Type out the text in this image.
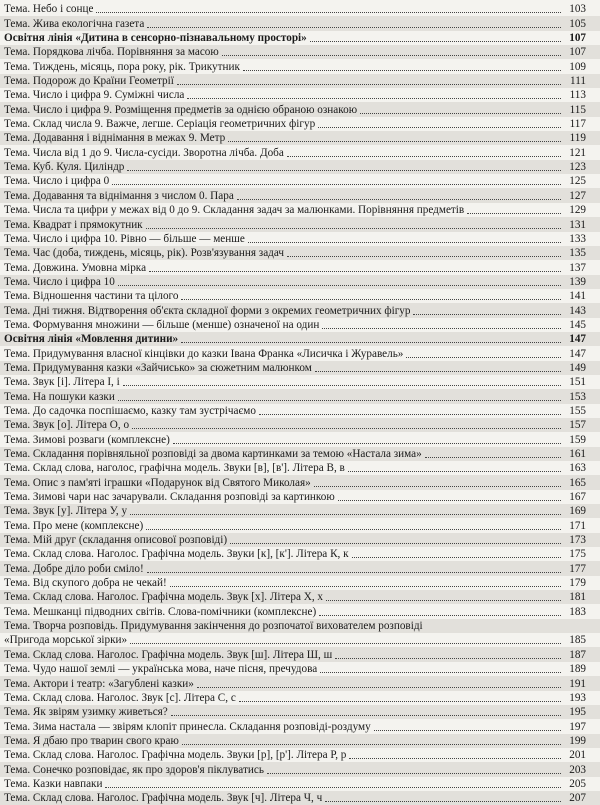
Тема. Небо і сонце	103
Тема. Жива екологічна газета	105
Освітня лінія «Дитина в сенсорно-пізнавальному просторі»	107
Тема. Порядкова лічба. Порівняння за масою	107
Тема. Тиждень, місяць, пора року, рік. Трикутник	109
Тема. Подорож до Країни Геометрії	111
Тема. Число і цифра 9. Суміжні числа	113
Тема. Число і цифра 9. Розміщення предметів за однією обраною ознакою	115
Тема. Склад числа 9. Важче, легше. Серіація геометричних фігур	117
Тема. Додавання і віднімання в межах 9. Метр	119
Тема. Числа від 1 до 9. Числа-сусіди. Зворотна лічба. Доба	121
Тема. Куб. Куля. Циліндр	123
Тема. Число і цифра 0	125
Тема. Додавання та віднімання з числом 0. Пара	127
Тема. Числа та цифри у межах від 0 до 9. Складання задач за малюнками. Порівняння предметів	129
Тема. Квадрат і прямокутник	131
Тема. Число і цифра 10. Рівно — більше — менше	133
Тема. Час (доба, тиждень, місяць, рік). Розв'язування задач	135
Тема. Довжина. Умовна мірка	137
Тема. Число і цифра 10	139
Тема. Відношення частини та цілого	141
Тема. Дні тижня. Відтворення об'єкта складної форми з окремих геометричних фігур	143
Тема. Формування множини — більше (менше) означеної на один	145
Освітня лінія «Мовлення дитини»	147
Тема. Придумування власної кінцівки до казки Івана Франка «Лисичка і Журавель»	147
Тема. Придумування казки «Зайчисько» за сюжетним малюнком	149
Тема. Звук [і]. Літера І, і	151
Тема. На пошуки казки	153
Тема. До садочка поспішаємо, казку там зустрічаємо	155
Тема. Звук [о]. Літера О, о	157
Тема. Зимові розваги (комплексне)	159
Тема. Складання порівняльної розповіді за двома картинками за темою «Настала зима»	161
Тема. Склад слова, наголос, графічна модель. Звуки [в], [в']. Літера В, в	163
Тема. Опис з пам'яті іграшки «Подарунок від Святого Миколая»	165
Тема. Зимові чари нас зачарували. Складання розповіді за картинкою	167
Тема. Звук [у]. Літера У, у	169
Тема. Про мене (комплексне)	171
Тема. Мій друг (складання описової розповіді)	173
Тема. Склад слова. Наголос. Графічна модель. Звуки [к], [к']. Літера К, к	175
Тема. Добре діло роби сміло!	177
Тема. Від скупого добра не чекай!	179
Тема. Склад слова. Наголос. Графічна модель. Звук [х]. Літера Х, х	181
Тема. Мешканці підводних світів. Слова-помічники (комплексне)	183
Тема. Творча розповідь. Придумування закінчення до розпочатої вихователем розповіді
«Пригода морської зірки»	185
Тема. Склад слова. Наголос. Графічна модель. Звук [ш]. Літера Ш, ш	187
Тема. Чудо нашої землі — українська мова, наче пісня, пречудова	189
Тема. Актори і театр: «Загублені казки»	191
Тема. Склад слова. Наголос. Звук [с]. Літера С, с	193
Тема. Як звірям узимку живеться?	195
Тема. Зима настала — звірям клопіт принесла. Складання розповіді-роздуму	197
Тема. Я дбаю про тварин свого краю	199
Тема. Склад слова. Наголос. Графічна модель. Звуки [р], [р']. Літера Р, р	201
Тема. Сонечко розповідає, як про здоров'я піклуватись	203
Тема. Казки навпаки	205
Тема. Склад слова. Наголос. Графічна модель. Звук [ч]. Літера Ч, ч	207
